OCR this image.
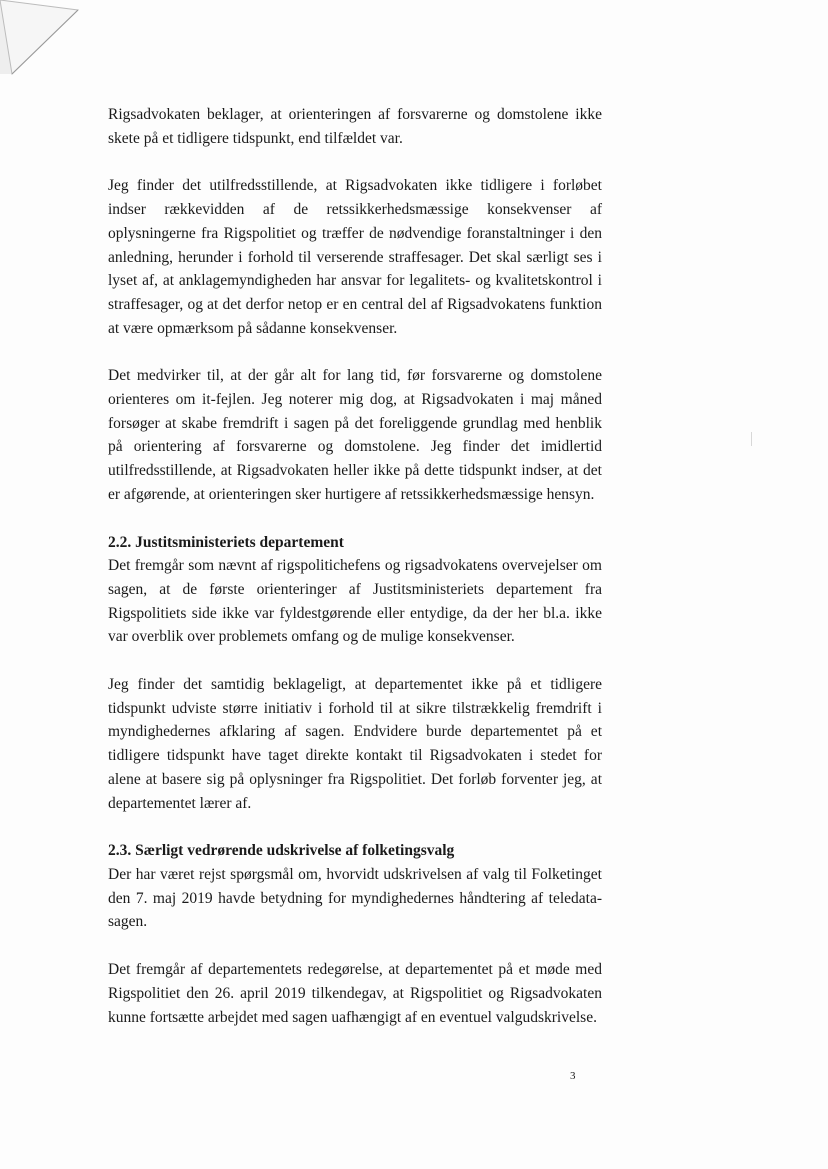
Rigsadvokaten beklager, at orienteringen af forsvarerne og domstolene ikke skete på et tidligere tidspunkt, end tilfældet var.

Jeg finder det utilfredsstillende, at Rigsadvokaten ikke tidligere i forløbet indser rækkevidden af de retssikkerhedsmæssige konsekvenser af oplysningerne fra Rigspolitiet og træffer de nødvendige foranstaltninger i den anledning, herunder i forhold til verserende straffesager. Det skal særligt ses i lyset af, at anklagemyndigheden har ansvar for legalitets- og kvalitetskontrol i straffesager, og at det derfor netop er en central del af Rigsadvokatens funktion at være opmærksom på sådanne konsekvenser.

Det medvirker til, at der går alt for lang tid, før forsvarerne og domstolene orienteres om it-fejlen. Jeg noterer mig dog, at Rigsadvokaten i maj måned forsøger at skabe fremdrift i sagen på det foreliggende grundlag med henblik på orientering af forsvarerne og domstolene. Jeg finder det imidlertid utilfredsstillende, at Rigsadvokaten heller ikke på dette tidspunkt indser, at det er afgørende, at orienteringen sker hurtigere af retssikkerhedsmæssige hensyn.

2.2. Justitsministeriets departement

Det fremgår som nævnt af rigspolitichefens og rigsadvokatens overvejelser om sagen, at de første orienteringer af Justitsministeriets departement fra Rigspolitiets side ikke var fyldestgørende eller entydige, da der her bl.a. ikke var overblik over problemets omfang og de mulige konsekvenser.

Jeg finder det samtidig beklageligt, at departementet ikke på et tidligere tidspunkt udviste større initiativ i forhold til at sikre tilstrækkelig fremdrift i myndighedernes afklaring af sagen. Endvidere burde departementet på et tidligere tidspunkt have taget direkte kontakt til Rigsadvokaten i stedet for alene at basere sig på oplysninger fra Rigspolitiet. Det forløb forventer jeg, at departementet lærer af.

2.3. Særligt vedrørende udskrivelse af folketingsvalg

Der har været rejst spørgsmål om, hvorvidt udskrivelsen af valg til Folketinget den 7. maj 2019 havde betydning for myndighedernes håndtering af teledata-sagen.

Det fremgår af departementets redegørelse, at departementet på et møde med Rigspolitiet den 26. april 2019 tilkendegav, at Rigspolitiet og Rigsadvokaten kunne fortsætte arbejdet med sagen uafhængigt af en eventuel valgudskrivelse.

3
